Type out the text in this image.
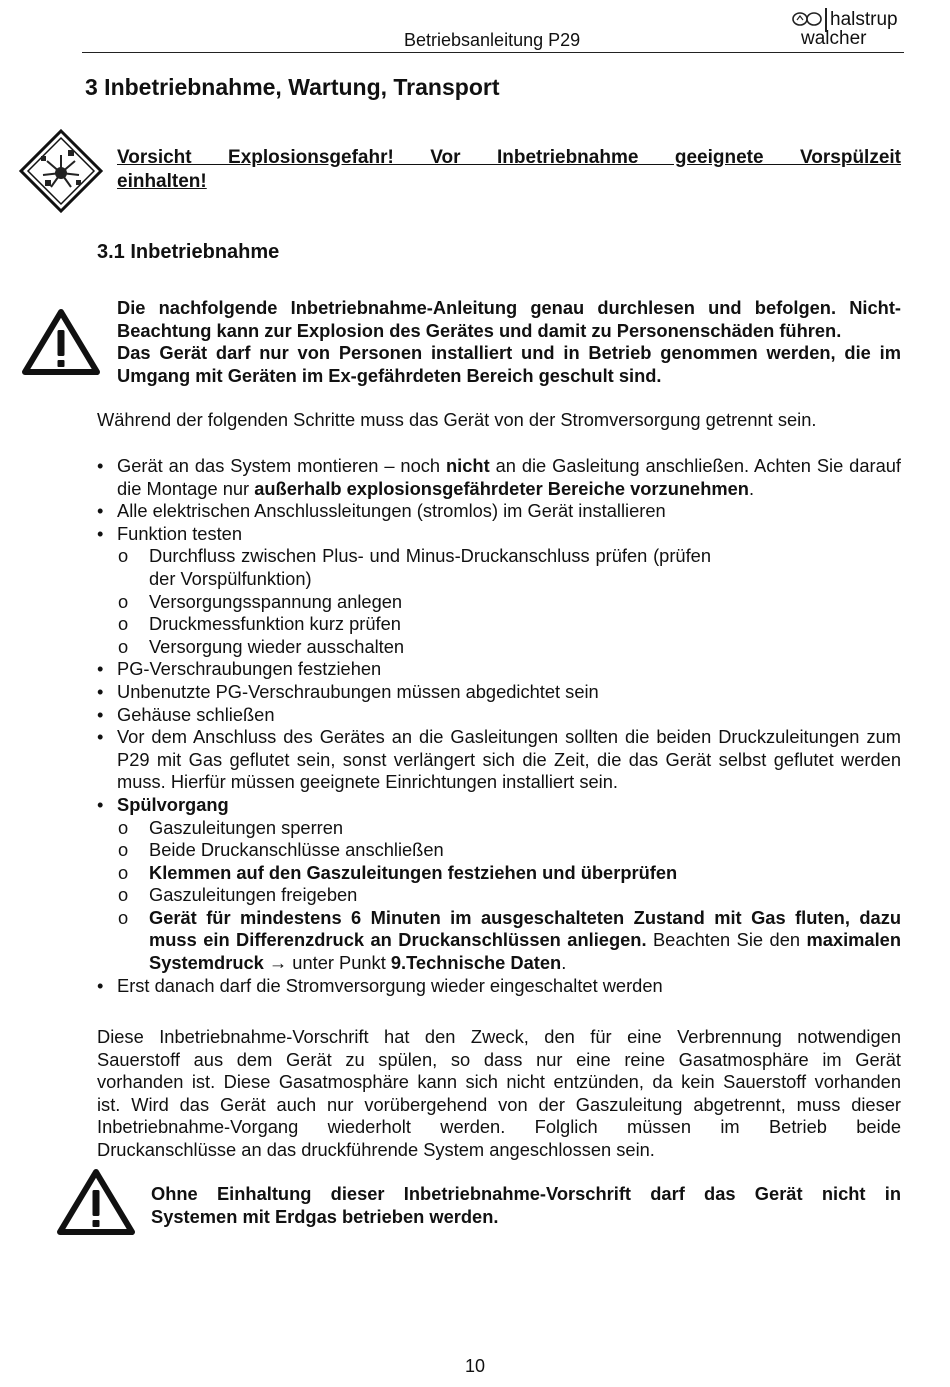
Betriebsanleitung P29
halstrup
walcher
3 Inbetriebnahme, Wartung, Transport
Vorsicht Explosionsgefahr! Vor Inbetriebnahme geeignete Vorspülzeit
einhalten!
3.1 Inbetriebnahme
Die nachfolgende Inbetriebnahme-Anleitung genau durchlesen und befolgen. Nicht-
Beachtung kann zur Explosion des Gerätes und damit zu Personenschäden führen.
Das Gerät darf nur von Personen installiert und in Betrieb genommen werden, die im
Umgang mit Geräten im Ex-gefährdeten Bereich geschult sind.
Während der folgenden Schritte muss das Gerät von der Stromversorgung getrennt sein.
• Gerät an das System montieren – noch nicht an die Gasleitung anschließen. Achten Sie darauf die Montage nur außerhalb explosionsgefährdeter Bereiche vorzunehmen.
• Alle elektrischen Anschlussleitungen (stromlos) im Gerät installieren
• Funktion testen
o Durchfluss zwischen Plus- und Minus-Druckanschluss prüfen (prüfen der Vorspülfunktion)
o Versorgungsspannung anlegen
o Druckmessfunktion kurz prüfen
o Versorgung wieder ausschalten
• PG-Verschraubungen festziehen
• Unbenutzte PG-Verschraubungen müssen abgedichtet sein
• Gehäuse schließen
• Vor dem Anschluss des Gerätes an die Gasleitungen sollten die beiden Druckzuleitungen zum P29 mit Gas geflutet sein, sonst verlängert sich die Zeit, die das Gerät selbst geflutet werden muss. Hierfür müssen geeignete Einrichtungen installiert sein.
• Spülvorgang
o Gaszuleitungen sperren
o Beide Druckanschlüsse anschließen
o Klemmen auf den Gaszuleitungen festziehen und überprüfen
o Gaszuleitungen freigeben
o Gerät für mindestens 6 Minuten im ausgeschalteten Zustand mit Gas fluten, dazu muss ein Differenzdruck an Druckanschlüssen anliegen. Beachten Sie den maximalen Systemdruck → unter Punkt 9.Technische Daten.
• Erst danach darf die Stromversorgung wieder eingeschaltet werden
Diese Inbetriebnahme-Vorschrift hat den Zweck, den für eine Verbrennung notwendigen
Sauerstoff aus dem Gerät zu spülen, so dass nur eine reine Gasatmosphäre im Gerät
vorhanden ist. Diese Gasatmosphäre kann sich nicht entzünden, da kein Sauerstoff vorhanden
ist. Wird das Gerät auch nur vorübergehend von der Gaszuleitung abgetrennt, muss dieser
Inbetriebnahme-Vorgang wiederholt werden. Folglich müssen im Betrieb beide
Druckanschlüsse an das druckführende System angeschlossen sein.
Ohne Einhaltung dieser Inbetriebnahme-Vorschrift darf das Gerät nicht in
Systemen mit Erdgas betrieben werden.
10
